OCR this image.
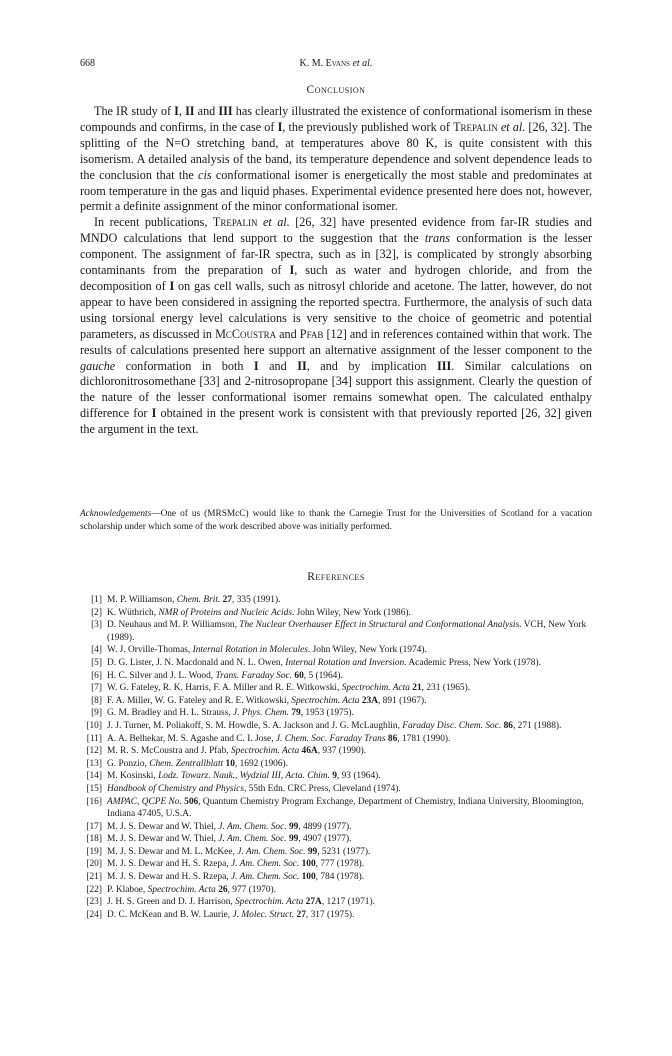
668	K. M. Evans et al.
Conclusion

The IR study of I, II and III has clearly illustrated the existence of conformational isomerism in these compounds and confirms, in the case of I, the previously published work of Trepalin et al. [26, 32]. The splitting of the N=O stretching band, at temperatures above 80 K, is quite consistent with this isomerism. A detailed analysis of the band, its temperature dependence and solvent dependence leads to the conclusion that the cis conformational isomer is energetically the most stable and predominates at room temperature in the gas and liquid phases. Experimental evidence presented here does not, however, permit a definite assignment of the minor conformational isomer.

In recent publications, Trepalin et al. [26, 32] have presented evidence from far-IR studies and MNDO calculations that lend support to the suggestion that the trans conformation is the lesser component. The assignment of far-IR spectra, such as in [32], is complicated by strongly absorbing contaminants from the preparation of I, such as water and hydrogen chloride, and from the decomposition of I on gas cell walls, such as nitrosyl chloride and acetone. The latter, however, do not appear to have been considered in assigning the reported spectra. Furthermore, the analysis of such data using torsional energy level calculations is very sensitive to the choice of geometric and potential parameters, as discussed in McCoustra and Pfab [12] and in references contained within that work. The results of calculations presented here support an alternative assignment of the lesser component to the gauche conformation in both I and II, and by implication III. Similar calculations on dichloronitrosomethane [33] and 2-nitrosopropane [34] support this assignment. Clearly the question of the nature of the lesser conformational isomer remains somewhat open. The calculated enthalpy difference for I obtained in the present work is consistent with that previously reported [26, 32] given the argument in the text.

Acknowledgements—One of us (MRSMcC) would like to thank the Carnegie Trust for the Universities of Scotland for a vacation scholarship under which some of the work described above was initially performed.
References
[1] M. P. Williamson, Chem. Brit. 27, 335 (1991).
[2] K. Wüthrich, NMR of Proteins and Nucleic Acids. John Wiley, New York (1986).
[3] D. Neuhaus and M. P. Williamson, The Nuclear Overhauser Effect in Structural and Conformational Analysis. VCH, New York (1989).
[4] W. J. Orville-Thomas, Internal Rotation in Molecules. John Wiley, New York (1974).
[5] D. G. Lister, J. N. Macdonald and N. L. Owen, Internal Rotation and Inversion. Academic Press, New York (1978).
[6] H. C. Silver and J. L. Wood, Trans. Faraday Soc. 60, 5 (1964).
[7] W. G. Fateley, R. K. Harris, F. A. Miller and R. E. Witkowski, Spectrochim. Acta 21, 231 (1965).
[8] F. A. Miller, W. G. Fateley and R. E. Witkowski, Spectrochim. Acta 23A, 891 (1967).
[9] G. M. Bradley and H. L. Strauss, J. Phys. Chem. 79, 1953 (1975).
[10] J. J. Turner, M. Poliakoff, S. M. Howdle, S. A. Jackson and J. G. McLaughlin, Faraday Disc. Chem. Soc. 86, 271 (1988).
[11] A. A. Belhekar, M. S. Agashe and C. I. Jose, J. Chem. Soc. Faraday Trans 86, 1781 (1990).
[12] M. R. S. McCoustra and J. Pfab, Spectrochim. Acta 46A, 937 (1990).
[13] G. Ponzio, Chem. Zentrallblatt 10, 1692 (1906).
[14] M. Kosinski, Lodz. Towarz. Nauk., Wydzial III, Acta. Chim. 9, 93 (1964).
[15] Handbook of Chemistry and Physics, 55th Edn. CRC Press, Cleveland (1974).
[16] AMPAC, QCPE No. 506, Quantum Chemistry Program Exchange, Department of Chemistry, Indiana University, Bloomington, Indiana 47405, U.S.A.
[17] M. J. S. Dewar and W. Thiel, J. Am. Chem. Soc. 99, 4899 (1977).
[18] M. J. S. Dewar and W. Thiel, J. Am. Chem. Soc. 99, 4907 (1977).
[19] M. J. S. Dewar and M. L. McKee, J. Am. Chem. Soc. 99, 5231 (1977).
[20] M. J. S. Dewar and H. S. Rzepa, J. Am. Chem. Soc. 100, 777 (1978).
[21] M. J. S. Dewar and H. S. Rzepa, J. Am. Chem. Soc. 100, 784 (1978).
[22] P. Klaboe, Spectrochim. Acta 26, 977 (1970).
[23] J. H. S. Green and D. J. Harrison, Spectrochim. Acta 27A, 1217 (1971).
[24] D. C. McKean and B. W. Laurie, J. Molec. Struct. 27, 317 (1975).
